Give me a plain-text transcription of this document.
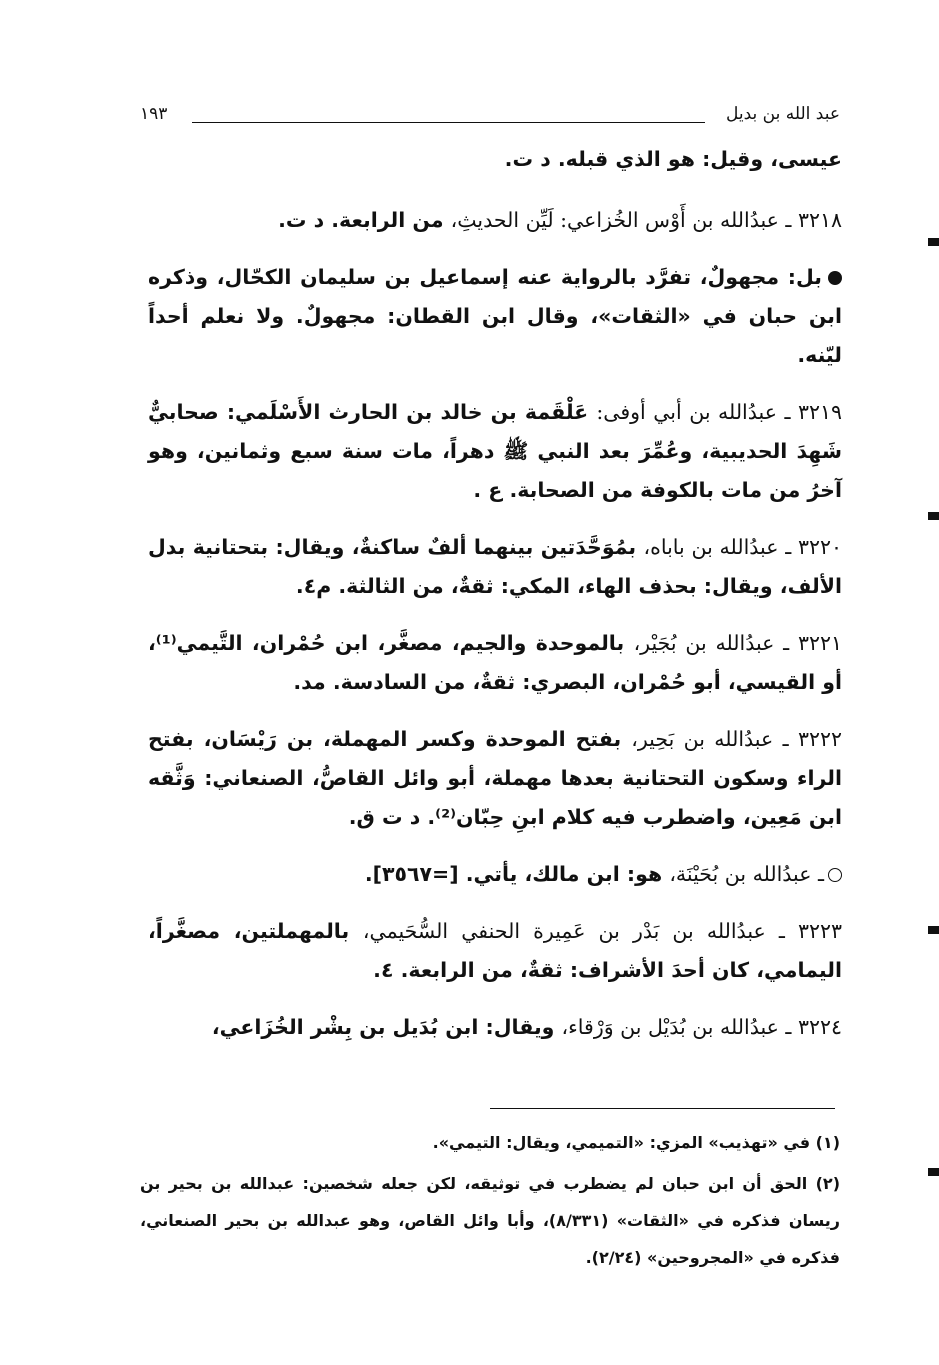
عبد الله بن بديل
١٩٣

عيسى، وقيل: هو الذي قبله. د ت.

٣٢١٨ ـ عبدُالله بن أَوْس الخُزاعي: لَيِّن الحديثِ، من الرابعة. د ت.

بل: مجهولٌ، تفرَّد بالرواية عنه إسماعيل بن سليمان الكحّال، وذكره ابن حبان في «الثقات»، وقال ابن القطان: مجهولٌ. ولا نعلم أحداً ليّنه.

٣٢١٩ ـ عبدُالله بن أبي أوفى: عَلْقَمة بن خالد بن الحارث الأَسْلَمي: صحابيٌّ شَهِدَ الحديبية، وعُمِّرَ بعد النبي ﷺ دهراً، مات سنة سبع وثمانين، وهو آخرُ من مات بالكوفة من الصحابة. ع .

٣٢٢٠ ـ عبدُالله بن باباه، بمُوَحَّدَتين بينهما ألفٌ ساكنةٌ، ويقال: بتحتانية بدل الألف، ويقال: بحذف الهاء، المكي: ثقةٌ، من الثالثة. م٤.

٣٢٢١ ـ عبدُالله بن بُجَيْر، بالموحدة والجيم، مصغَّر، ابن حُمْران، التَّيمي⁽¹⁾، أو القيسي، أبو حُمْران، البصري: ثقةٌ، من السادسة. مد.

٣٢٢٢ ـ عبدُالله بن بَحِير، بفتح الموحدة وكسر المهملة، بن رَيْسَان، بفتح الراء وسكون التحتانية بعدها مهملة، أبو وائل القاصُّ، الصنعاني: وَثَّقه ابن مَعِين، واضطرب فيه كلام ابنِ حِبّان⁽²⁾. د ت ق.

ـ عبدُالله بن بُحَيْنَة، هو: ابن مالك، يأتي. [=٣٥٦٧].

٣٢٢٣ ـ عبدُالله بن بَدْر بن عَمِيرة الحنفي السُّحَيمي، بالمهملتين، مصغَّراً، اليمامي، كان أحدَ الأشراف: ثقةٌ، من الرابعة. ٤.

٣٢٢٤ ـ عبدُالله بن بُدَيْل بن وَرْقاء، ويقال: ابن بُدَيل بن بِشْر الخُزَاعي،

(١) في «تهذيب» المزي: «التميمي، ويقال: التيمي».

(٢) الحق أن ابن حبان لم يضطرب في توثيقه، لكن جعله شخصين: عبدالله بن بحير بن ريسان فذكره في «الثقات» (٨/٣٣١)، وأبا وائل القاص، وهو عبدالله بن بحير الصنعاني، فذكره في «المجروحين» (٢/٢٤).
